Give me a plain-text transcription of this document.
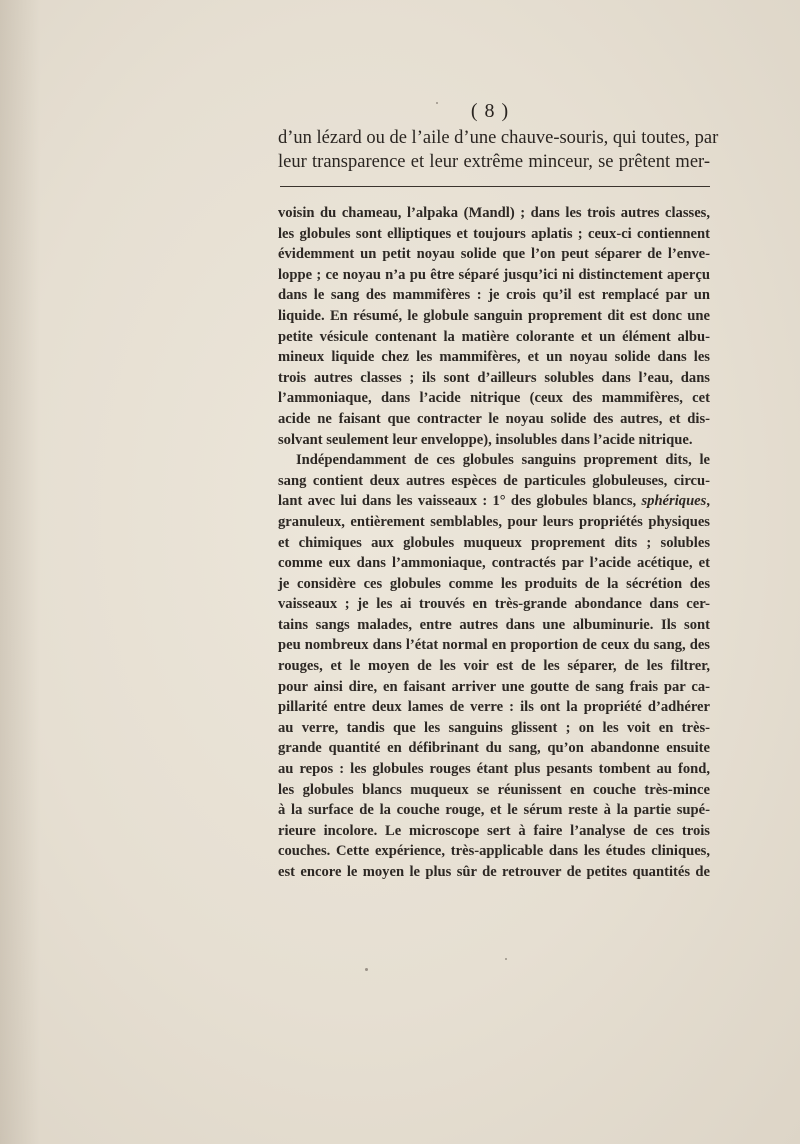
( 8 )
d’un lézard ou de l’aile d’une chauve-souris, qui toutes, par
leur transparence et leur extrême minceur, se prêtent mer-
voisin du chameau, l’alpaka (Mandl) ; dans les trois autres classes,
les globules sont elliptiques et toujours aplatis ; ceux-ci contiennent
évidemment un petit noyau solide que l’on peut séparer de l’enve-
loppe ; ce noyau n’a pu être séparé jusqu’ici ni distinctement aperçu
dans le sang des mammifères : je crois qu’il est remplacé par un
liquide. En résumé, le globule sanguin proprement dit est donc une
petite vésicule contenant la matière colorante et un élément albu-
mineux liquide chez les mammifères, et un noyau solide dans les
trois autres classes ; ils sont d’ailleurs solubles dans l’eau, dans
l’ammoniaque, dans l’acide nitrique (ceux des mammifères, cet
acide ne faisant que contracter le noyau solide des autres, et dis-
solvant seulement leur enveloppe), insolubles dans l’acide nitrique.
Indépendamment de ces globules sanguins proprement dits, le
sang contient deux autres espèces de particules globuleuses, circu-
lant avec lui dans les vaisseaux : 1° des globules blancs, sphériques,
granuleux, entièrement semblables, pour leurs propriétés physiques
et chimiques aux globules muqueux proprement dits ; solubles
comme eux dans l’ammoniaque, contractés par l’acide acétique, et
je considère ces globules comme les produits de la sécrétion des
vaisseaux ; je les ai trouvés en très-grande abondance dans cer-
tains sangs malades, entre autres dans une albuminurie. Ils sont
peu nombreux dans l’état normal en proportion de ceux du sang, des
rouges, et le moyen de les voir est de les séparer, de les filtrer,
pour ainsi dire, en faisant arriver une goutte de sang frais par ca-
pillarité entre deux lames de verre : ils ont la propriété d’adhérer
au verre, tandis que les sanguins glissent ; on les voit en très-
grande quantité en défibrinant du sang, qu’on abandonne ensuite
au repos : les globules rouges étant plus pesants tombent au fond,
les globules blancs muqueux se réunissent en couche très-mince
à la surface de la couche rouge, et le sérum reste à la partie supé-
rieure incolore. Le microscope sert à faire l’analyse de ces trois
couches. Cette expérience, très-applicable dans les études cliniques,
est encore le moyen le plus sûr de retrouver de petites quantités de
